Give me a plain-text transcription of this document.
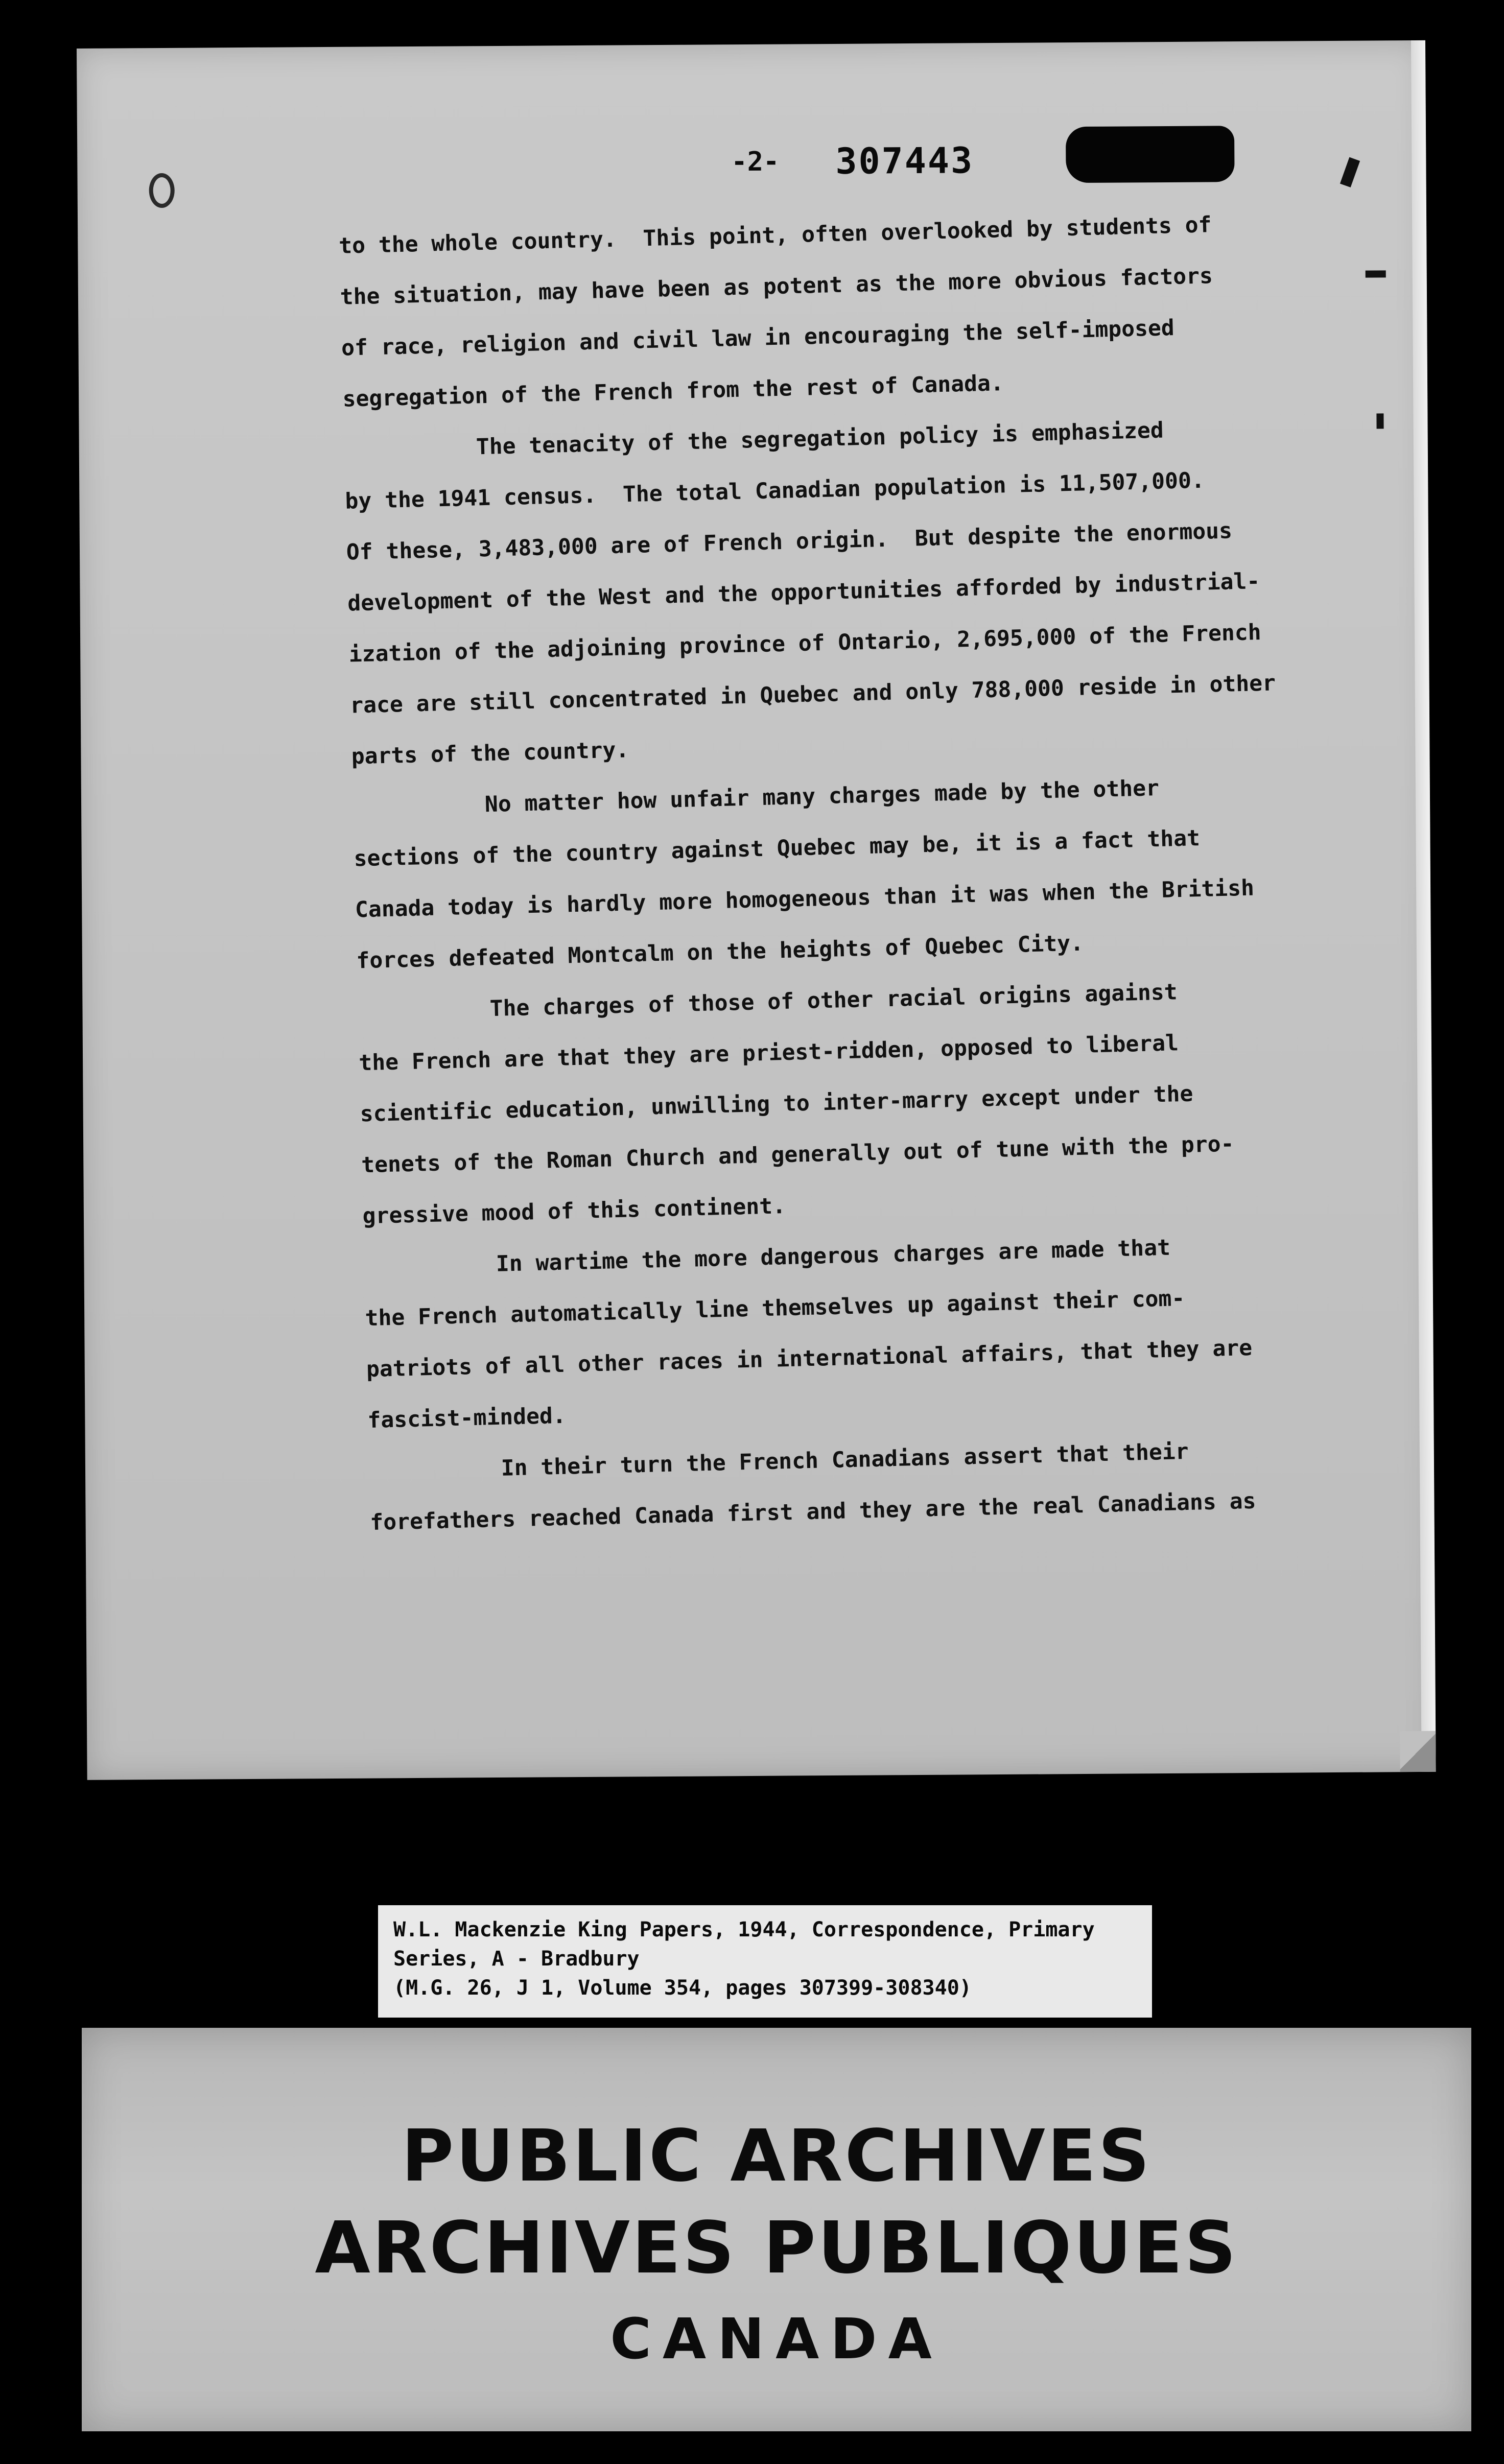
-2- 307443

to the whole country.  This point, often overlooked by students of

the situation, may have been as potent as the more obvious factors

of race, religion and civil law in encouraging the self-imposed

segregation of the French from the rest of Canada.

The tenacity of the segregation policy is emphasized

by the 1941 census.  The total Canadian population is 11,507,000.

Of these, 3,483,000 are of French origin.  But despite the enormous

development of the West and the opportunities afforded by industrial-

ization of the adjoining province of Ontario, 2,695,000 of the French

race are still concentrated in Quebec and only 788,000 reside in other

parts of the country.

No matter how unfair many charges made by the other

sections of the country against Quebec may be, it is a fact that

Canada today is hardly more homogeneous than it was when the British

forces defeated Montcalm on the heights of Quebec City.

The charges of those of other racial origins against

the French are that they are priest-ridden, opposed to liberal

scientific education, unwilling to inter-marry except under the

tenets of the Roman Church and generally out of tune with the pro-

gressive mood of this continent.

In wartime the more dangerous charges are made that

the French automatically line themselves up against their com-

patriots of all other races in international affairs, that they are

fascist-minded.

In their turn the French Canadians assert that their

forefathers reached Canada first and they are the real Canadians as

W.L. Mackenzie King Papers, 1944, Correspondence, Primary

Series, A - Bradbury

(M.G. 26, J 1, Volume 354, pages 307399-308340)

PUBLIC ARCHIVES
ARCHIVES PUBLIQUES
CANADA
